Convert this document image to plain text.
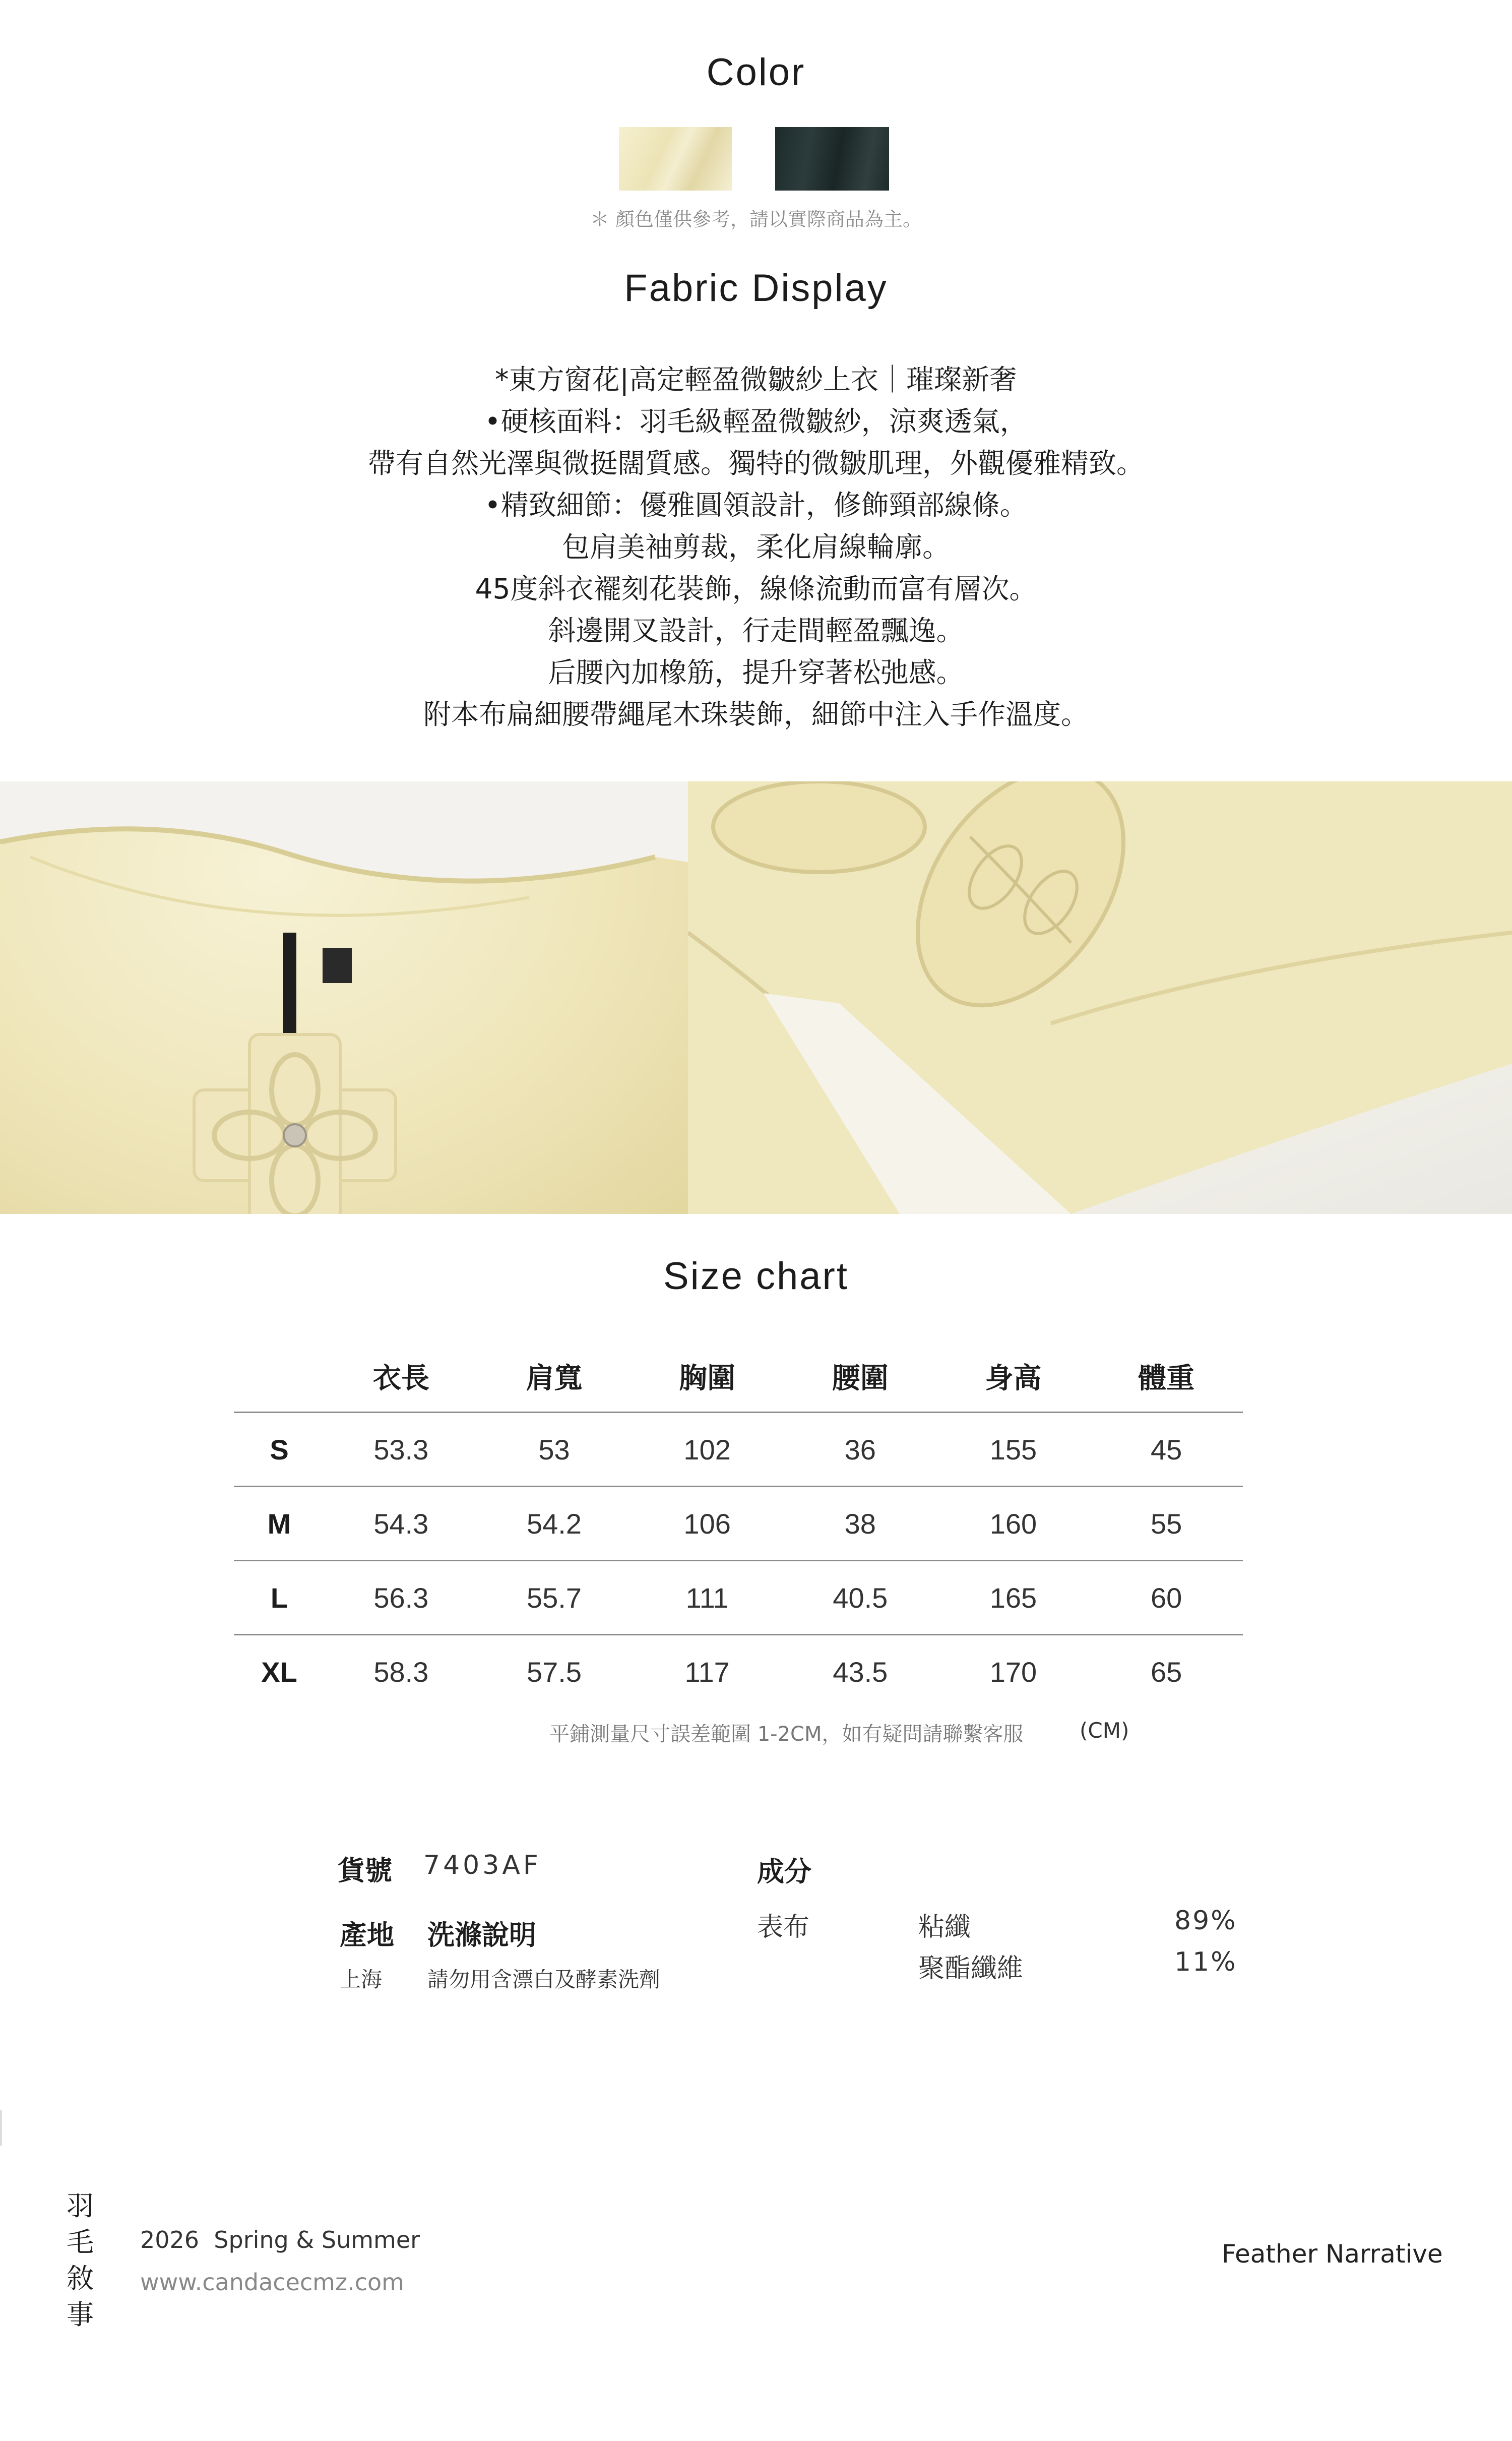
Color
＊ 顏色僅供參考，請以實際商品為主。
Fabric Display
*東方窗花|高定輕盈微皺紗上衣｜璀璨新奢
•硬核面料：羽毛級輕盈微皺紗，涼爽透氣，
帶有自然光澤與微挺闊質感。獨特的微皺肌理，外觀優雅精致。
•精致細節：優雅圓領設計，修飾頸部線條。
包肩美袖剪裁，柔化肩線輪廓。
45度斜衣襬刻花裝飾，線條流動而富有層次。
斜邊開叉設計，行走間輕盈飄逸。
后腰內加橡筋，提升穿著松弛感。
附本布扁細腰帶繩尾木珠裝飾，細節中注入手作溫度。
Size chart
	衣長	肩寬	胸圍	腰圍	身高	體重
S	53.3	53	102	36	155	45
M	54.3	54.2	106	38	160	55
L	56.3	55.7	111	40.5	165	60
XL	58.3	57.5	117	43.5	170	65
平鋪測量尺寸誤差範圍 1-2CM，如有疑問請聯繫客服	(CM)
貨號 7403AF
產地 洗滌說明
上海 請勿用含漂白及酵素洗劑
成分
表布	粘纖	89%
聚酯纖維	11%
羽
毛
敘
事
2026  Spring & Summer
www.candacecmz.com
Feather Narrative
